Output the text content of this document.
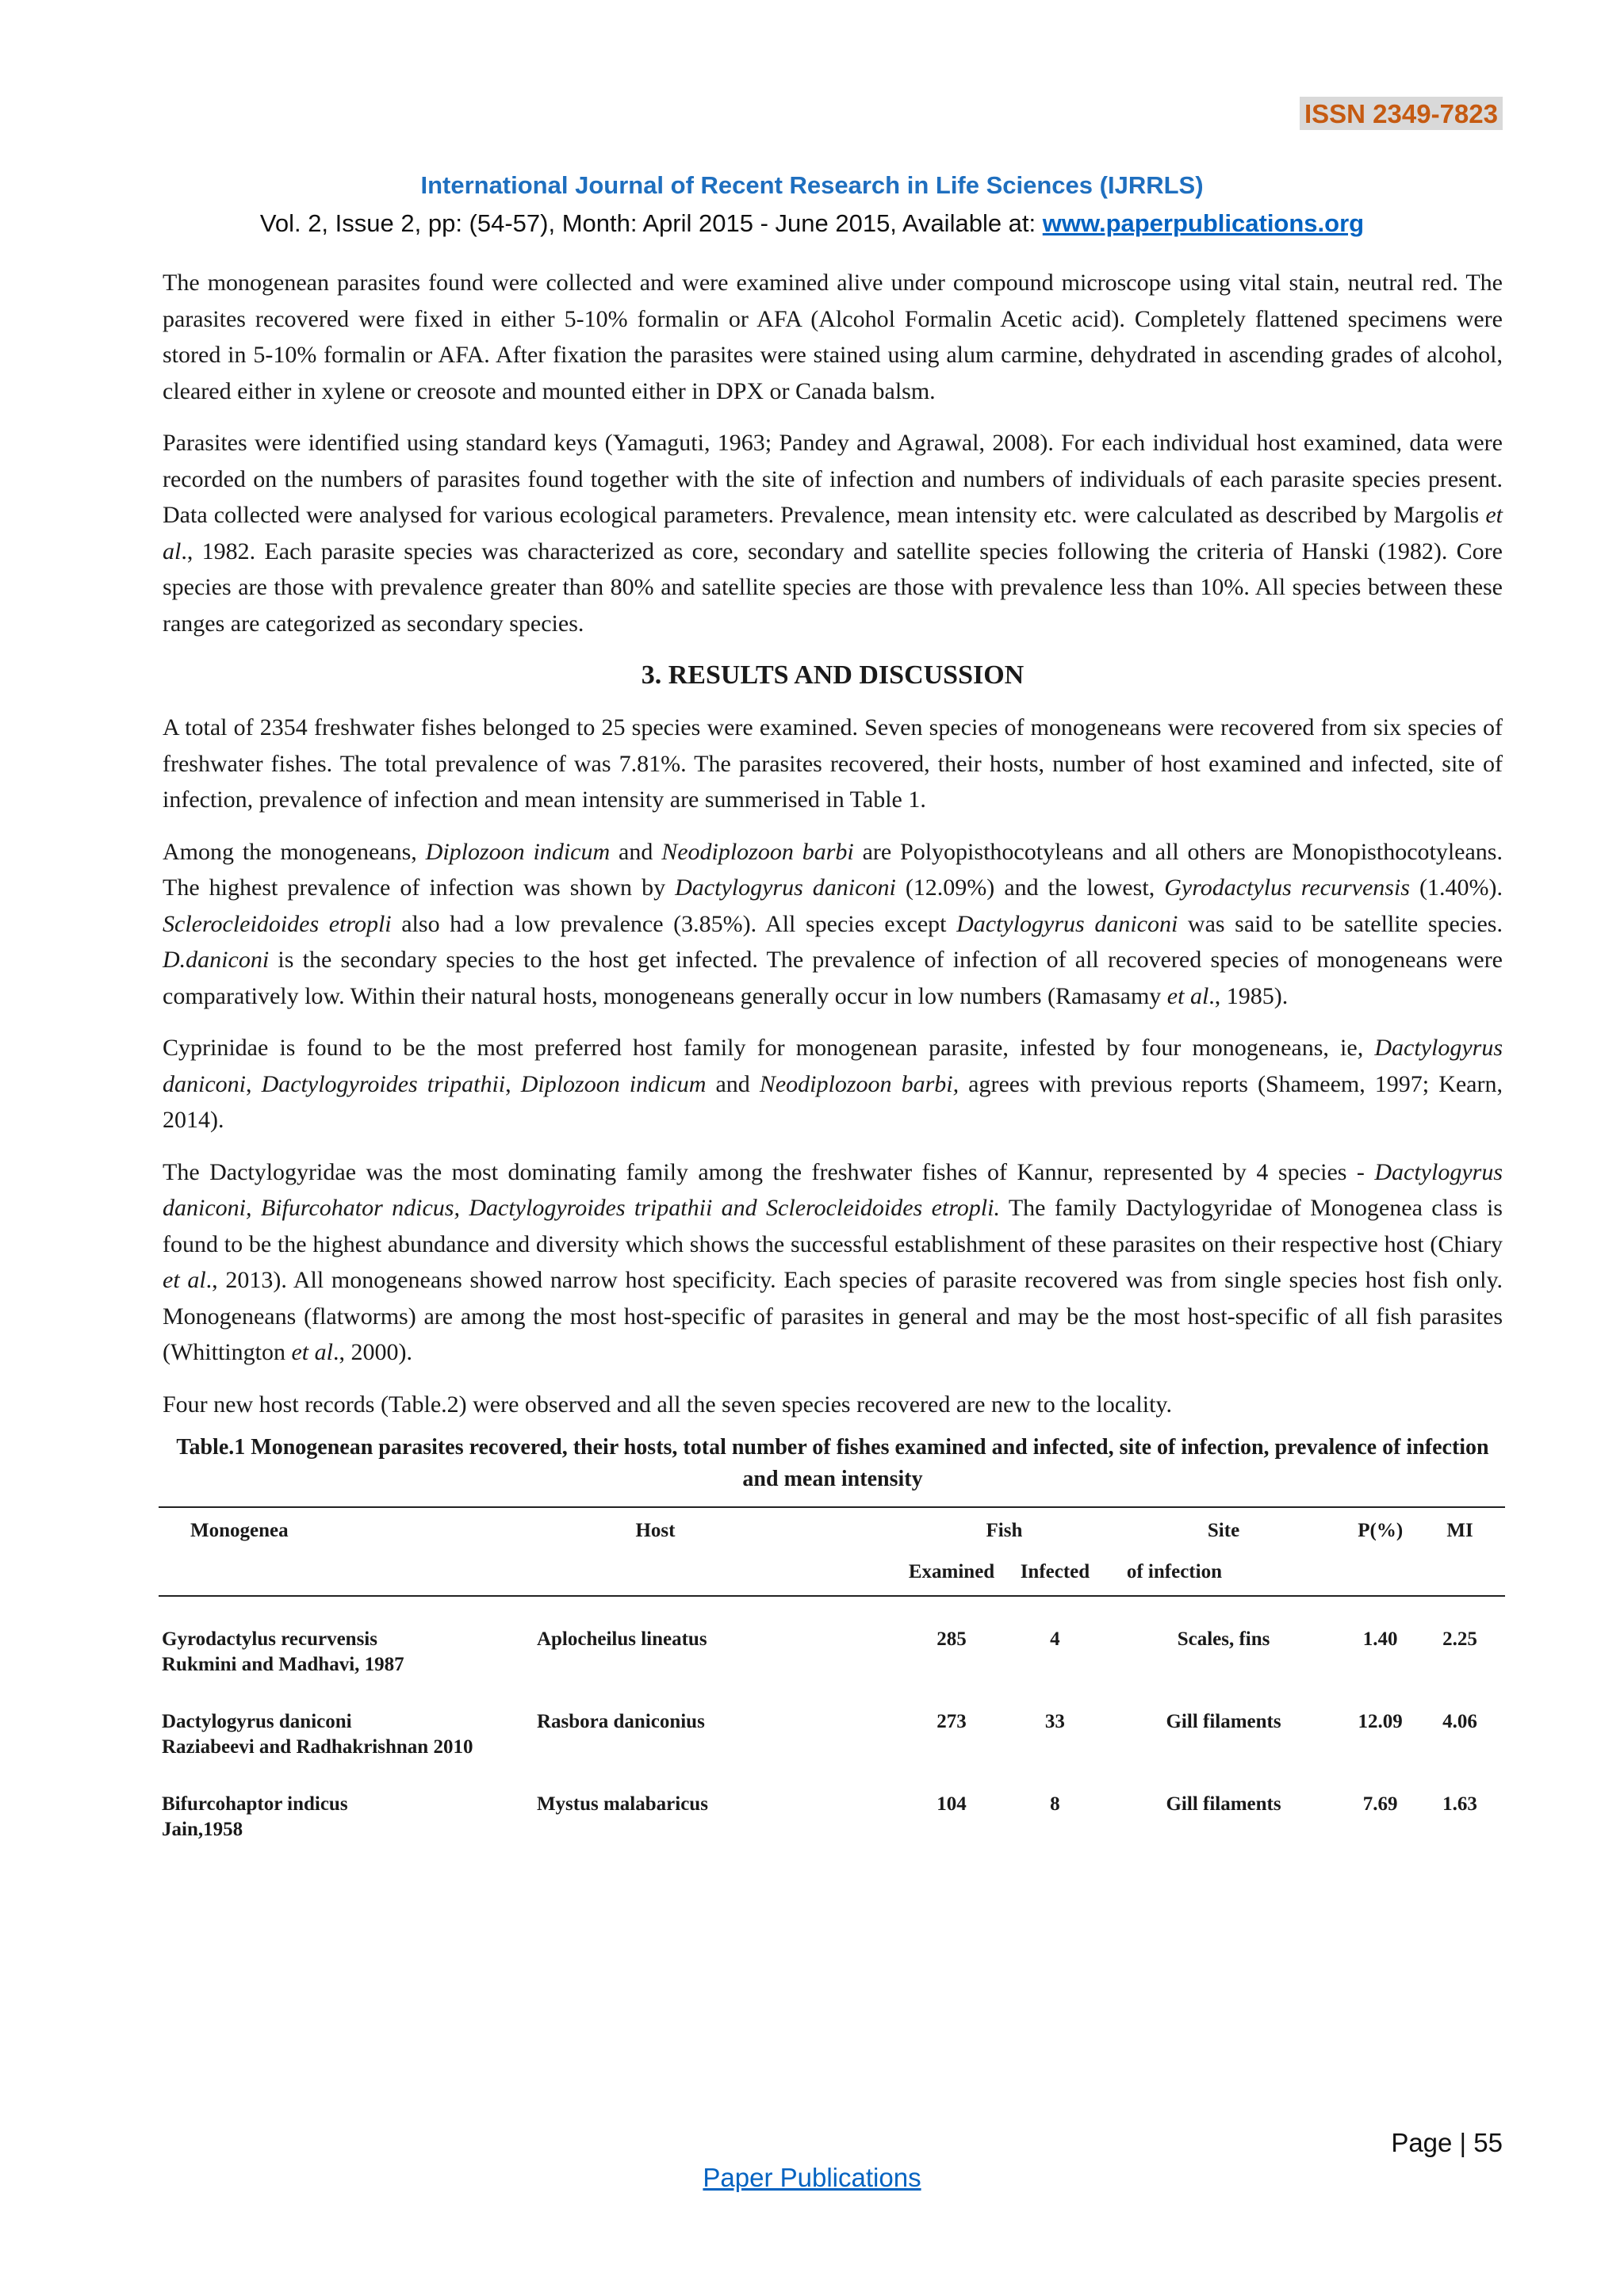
ISSN 2349-7823
International Journal of Recent Research in Life Sciences (IJRRLS)
Vol. 2, Issue 2, pp: (54-57), Month: April 2015 - June 2015, Available at: www.paperpublications.org

The monogenean parasites found were collected and were examined alive under compound microscope using vital stain, neutral red. The parasites recovered were fixed in either 5-10% formalin or AFA (Alcohol Formalin Acetic acid). Completely flattened specimens were stored in 5-10% formalin or AFA. After fixation the parasites were stained using alum carmine, dehydrated in ascending grades of alcohol, cleared either in xylene or creosote and mounted either in DPX or Canada balsm.

Parasites were identified using standard keys (Yamaguti, 1963; Pandey and Agrawal, 2008). For each individual host examined, data were recorded on the numbers of parasites found together with the site of infection and numbers of individuals of each parasite species present. Data collected were analysed for various ecological parameters. Prevalence, mean intensity etc. were calculated as described by Margolis et al., 1982. Each parasite species was characterized as core, secondary and satellite species following the criteria of Hanski (1982). Core species are those with prevalence greater than 80% and satellite species are those with prevalence less than 10%. All species between these ranges are categorized as secondary species.

3. RESULTS AND DISCUSSION

A total of 2354 freshwater fishes belonged to 25 species were examined. Seven species of monogeneans were recovered from six species of freshwater fishes. The total prevalence of was 7.81%. The parasites recovered, their hosts, number of host examined and infected, site of infection, prevalence of infection and mean intensity are summerised in Table 1.

Among the monogeneans, Diplozoon indicum and Neodiplozoon barbi are Polyopisthocotyleans and all others are Monopisthocotyleans. The highest prevalence of infection was shown by Dactylogyrus daniconi (12.09%) and the lowest, Gyrodactylus recurvensis (1.40%). Sclerocleidoides etropli also had a low prevalence (3.85%). All species except Dactylogyrus daniconi was said to be satellite species. D.daniconi is the secondary species to the host get infected. The prevalence of infection of all recovered species of monogeneans were comparatively low. Within their natural hosts, monogeneans generally occur in low numbers (Ramasamy et al., 1985).

Cyprinidae is found to be the most preferred host family for monogenean parasite, infested by four monogeneans, ie, Dactylogyrus daniconi, Dactylogyroides tripathii, Diplozoon indicum and Neodiplozoon barbi, agrees with previous reports (Shameem, 1997; Kearn, 2014).

The Dactylogyridae was the most dominating family among the freshwater fishes of Kannur, represented by 4 species - Dactylogyrus daniconi, Bifurcohator ndicus, Dactylogyroides tripathii and Sclerocleidoides etropli. The family Dactylogyridae of Monogenea class is found to be the highest abundance and diversity which shows the successful establishment of these parasites on their respective host (Chiary et al., 2013). All monogeneans showed narrow host specificity. Each species of parasite recovered was from single species host fish only. Monogeneans (flatworms) are among the most host-specific of parasites in general and may be the most host-specific of all fish parasites (Whittington et al., 2000).

Four new host records (Table.2) were observed and all the seven species recovered are new to the locality.

Table.1 Monogenean parasites recovered, their hosts, total number of fishes examined and infected, site of infection, prevalence of infection and mean intensity
Monogenea	Host	Fish		Site	P(%)	MI	
		Examined	Infected	of infection			

Gyrodactylus recurvensis
Rukmini and Madhavi, 1987	Aplocheilus lineatus	285	4	Scales, fins	1.40	2.25	

Dactylogyrus daniconi
Raziabeevi and Radhakrishnan 2010	Rasbora daniconius	273	33	Gill filaments	12.09	4.06	

Bifurcohaptor indicus
Jain,1958	Mystus malabaricus	104	8	Gill filaments	7.69	1.63	
Page | 55
Paper Publications
